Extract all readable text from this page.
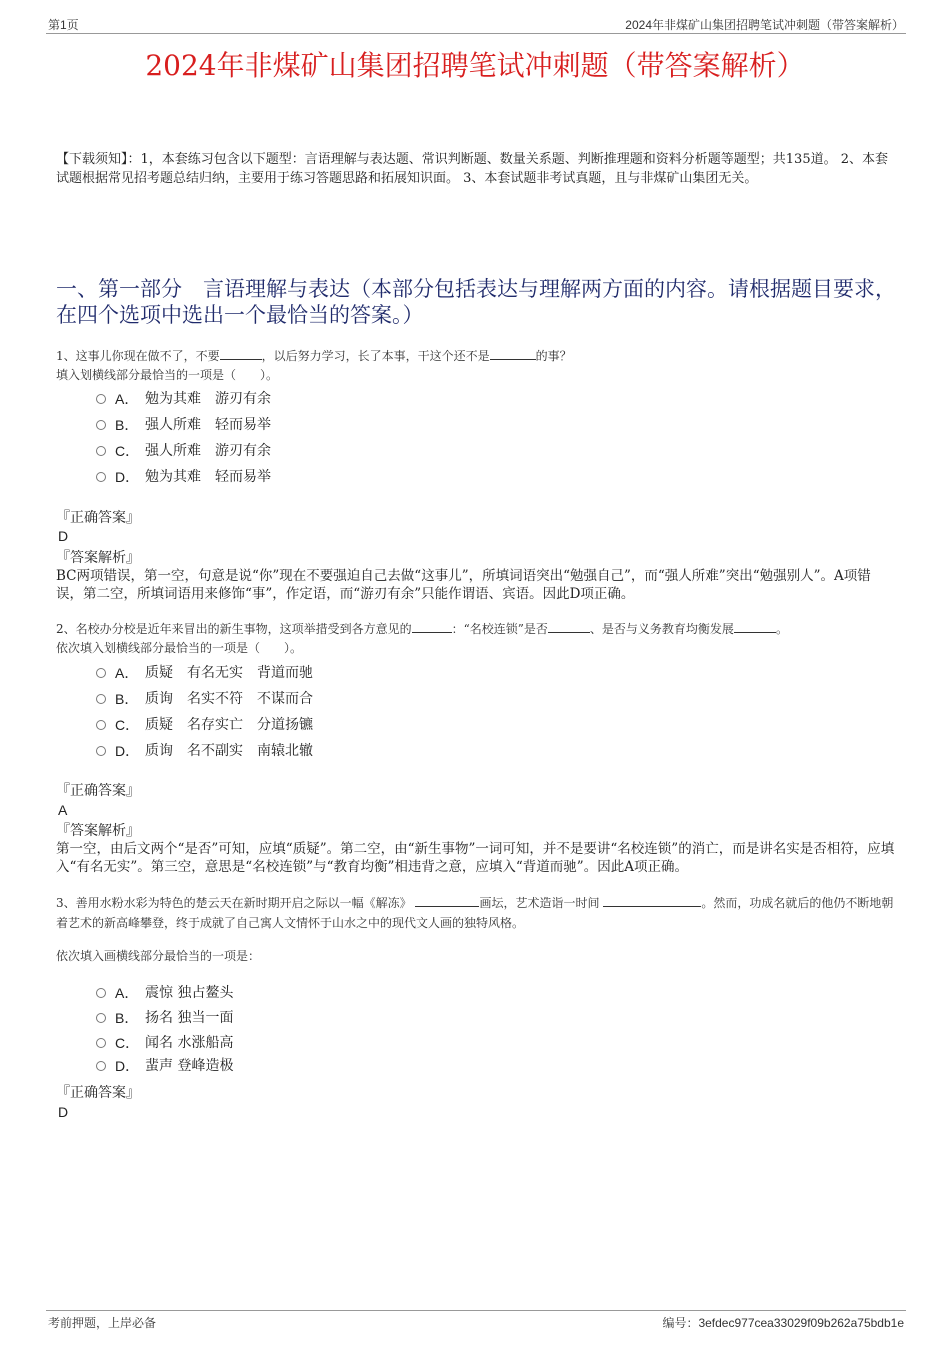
第1页	2024年非煤矿山集团招聘笔试冲刺题（带答案解析）
2024年非煤矿山集团招聘笔试冲刺题（带答案解析）
【下载须知】：1，本套练习包含以下题型：言语理解与表达题、常识判断题、数量关系题、判断推理题和资料分析题等题型；共135道。 2、本套试题根据常见招考题总结归纳，主要用于练习答题思路和拓展知识面。 3、本套试题非考试真题，且与非煤矿山集团无关。
一、第一部分　言语理解与表达（本部分包括表达与理解两方面的内容。请根据题目要求，在四个选项中选出一个最恰当的答案。）
1、这事儿你现在做不了，不要	，以后努力学习，长了本事，干这个还不是	的事？
填入划横线部分最恰当的一项是（　　）。
A． 勉为其难　游刃有余
B． 强人所难　轻而易举
C． 强人所难　游刃有余
D． 勉为其难　轻而易举
『正确答案』
D
『答案解析』
BC两项错误，第一空，句意是说“你”现在不要强迫自己去做“这事儿”，所填词语突出“勉强自己”，而“强人所难”突出“勉强别人”。A项错误，第二空，所填词语用来修饰“事”，作定语，而“游刃有余”只能作谓语、宾语。因此D项正确。
2、名校办分校是近年来冒出的新生事物，这项举措受到各方意见的	：“名校连锁”是否	、是否与义务教育均衡发展	。
依次填入划横线部分最恰当的一项是（　　）。
A． 质疑　有名无实　背道而驰
B． 质询　名实不符　不谋而合
C． 质疑　名存实亡　分道扬镳
D． 质询　名不副实　南辕北辙
『正确答案』
A
『答案解析』
第一空，由后文两个“是否”可知，应填“质疑”。第二空，由“新生事物”一词可知，并不是要讲“名校连锁”的消亡，而是讲名实是否相符，应填入“有名无实”。第三空，意思是“名校连锁”与“教育均衡”相违背之意，应填入“背道而驰”。因此A项正确。
3、善用水粉水彩为特色的楚云天在新时期开启之际以一幅《解冻》	画坛，艺术造诣一时间	。然而，功成名就后的他仍不断地朝着艺术的新高峰攀登，终于成就了自己寓人文情怀于山水之中的现代文人画的独特风格。
依次填入画横线部分最恰当的一项是：
A． 震惊 独占鳌头
B． 扬名 独当一面
C． 闻名 水涨船高
D． 蜚声 登峰造极
『正确答案』
D
考前押题，上岸必备	编号：3efdec977cea33029f09b262a75bdb1e
